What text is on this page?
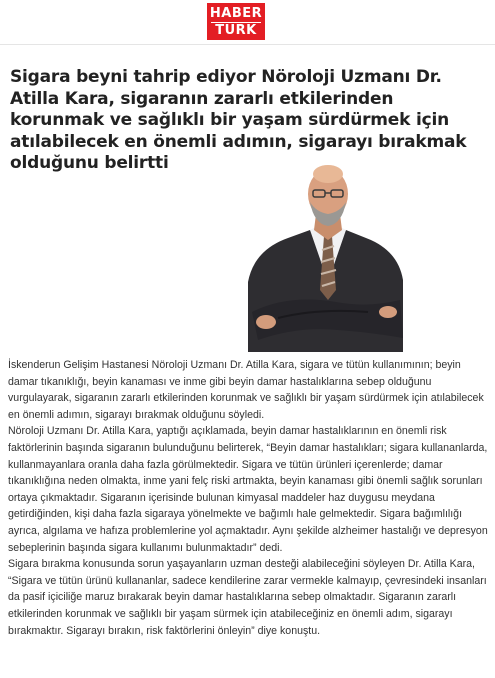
HABER
TURK
Sigara beyni tahrip ediyor Nöroloji Uzmanı Dr. Atilla Kara, sigaranın zararlı etkilerinden korunmak ve sağlıklı bir yaşam sürdürmek için atılabilecek en önemli adımın, sigarayı bırakmak olduğunu belirtti

İskenderun Gelişim Hastanesi Nöroloji Uzmanı Dr. Atilla Kara, sigara ve tütün kullanımının; beyin damar tıkanıklığı, beyin kanaması ve inme gibi beyin damar hastalıklarına sebep olduğunu vurgulayarak, sigaranın zararlı etkilerinden korunmak ve sağlıklı bir yaşam sürdürmek için atılabilecek en önemli adımın, sigarayı bırakmak olduğunu söyledi.

Nöroloji Uzmanı Dr. Atilla Kara, yaptığı açıklamada, beyin damar hastalıklarının en önemli risk faktörlerinin başında sigaranın bulunduğunu belirterek, “Beyin damar hastalıkları; sigara kullananlarda, kullanmayanlara oranla daha fazla görülmektedir. Sigara ve tütün ürünleri içerenlerde; damar tıkanıklığına neden olmakta, inme yani felç riski artmakta, beyin kanaması gibi önemli sağlık sorunları ortaya çıkmaktadır. Sigaranın içerisinde bulunan kimyasal maddeler haz duygusu meydana getirdiğinden, kişi daha fazla sigaraya yönelmekte ve bağımlı hale gelmektedir. Sigara bağımlılığı ayrıca, algılama ve hafıza problemlerine yol açmaktadır. Aynı şekilde alzheimer hastalığı ve depresyon sebeplerinin başında sigara kullanımı bulunmaktadır” dedi.

Sigara bırakma konusunda sorun yaşayanların uzman desteği alabileceğini söyleyen Dr. Atilla Kara, “Sigara ve tütün ürünü kullananlar, sadece kendilerine zarar vermekle kalmayıp, çevresindeki insanları da pasif içiciliğe maruz bırakarak beyin damar hastalıklarına sebep olmaktadır. Sigaranın zararlı etkilerinden korunmak ve sağlıklı bir yaşam sürmek için atabileceğiniz en önemli adım, sigarayı bırakmaktır. Sigarayı bırakın, risk faktörlerini önleyin” diye konuştu.
